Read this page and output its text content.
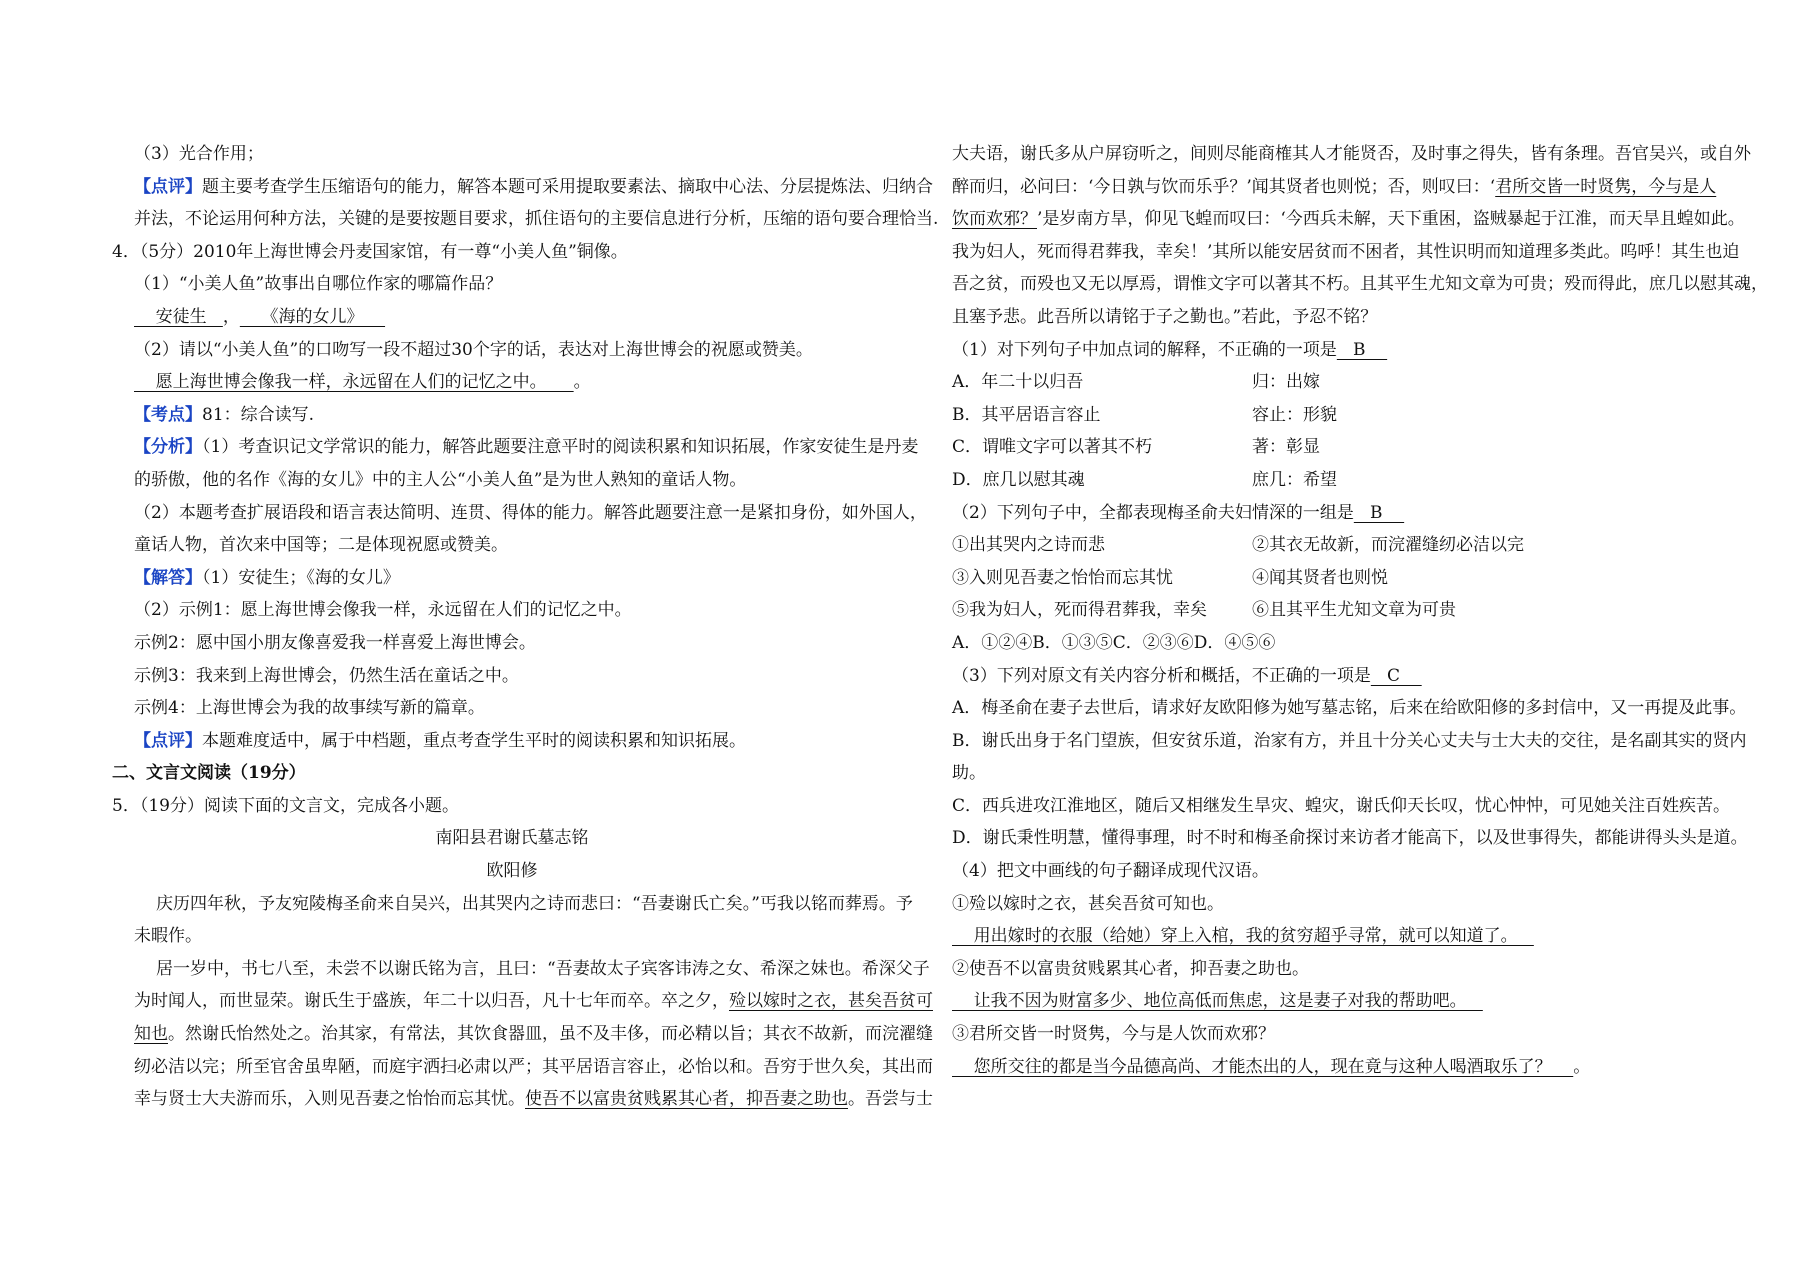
（3）光合作用；
【点评】题主要考查学生压缩语句的能力，解答本题可采用提取要素法、摘取中心法、分层提炼法、归纳合
并法，不论运用何种方法，关键的是要按题目要求，抓住语句的主要信息进行分析，压缩的语句要合理恰当.
4．（5分）2010年上海世博会丹麦国家馆，有一尊“小美人鱼”铜像。
（1）“小美人鱼”故事出自哪位作家的哪篇作品？
安徒生   ，    《海的女儿》
（2）请以“小美人鱼”的口吻写一段不超过30个字的话，表达对上海世博会的祝愿或赞美。
愿上海世博会像我一样，永远留在人们的记忆之中。     。
【考点】81：综合读写.
【分析】（1）考查识记文学常识的能力，解答此题要注意平时的阅读积累和知识拓展，作家安徒生是丹麦
的骄傲，他的名作《海的女儿》中的主人公“小美人鱼”是为世人熟知的童话人物。
（2）本题考查扩展语段和语言表达简明、连贯、得体的能力。解答此题要注意一是紧扣身份，如外国人，
童话人物，首次来中国等；二是体现祝愿或赞美。
【解答】（1）安徒生；《海的女儿》
（2）示例1：愿上海世博会像我一样，永远留在人们的记忆之中。
示例2：愿中国小朋友像喜爱我一样喜爱上海世博会。
示例3：我来到上海世博会，仍然生活在童话之中。
示例4：上海世博会为我的故事续写新的篇章。
【点评】本题难度适中，属于中档题，重点考查学生平时的阅读积累和知识拓展。
二、文言文阅读（19分）
5．（19分）阅读下面的文言文，完成各小题。
南阳县君谢氏墓志铭
欧阳修
庆历四年秋，予友宛陵梅圣俞来自吴兴，出其哭内之诗而悲曰：“吾妻谢氏亡矣。”丐我以铭而葬焉。予
未暇作。
居一岁中，书七八至，未尝不以谢氏铭为言，且曰：“吾妻故太子宾客讳涛之女、希深之妹也。希深父子
为时闻人，而世显荣。谢氏生于盛族，年二十以归吾，凡十七年而卒。卒之夕，殓以嫁时之衣，甚矣吾贫可
知也。然谢氏怡然处之。治其家，有常法，其饮食器皿，虽不及丰侈，而必精以旨；其衣不故新，而浣濯缝
纫必洁以完；所至官舍虽卑陋，而庭宇洒扫必肃以严；其平居语言容止，必怡以和。吾穷于世久矣，其出而
幸与贤士大夫游而乐，入则见吾妻之怡怡而忘其忧。使吾不以富贵贫贱累其心者，抑吾妻之助也。吾尝与士
大夫语，谢氏多从户屏窃听之，间则尽能商榷其人才能贤否，及时事之得失，皆有条理。吾官吴兴，或自外
醉而归，必问曰：‘今日孰与饮而乐乎？’闻其贤者也则悦；否，则叹曰：‘君所交皆一时贤隽，今与是人
饮而欢邪？’是岁南方旱，仰见飞蝗而叹曰：‘今西兵未解，天下重困，盗贼暴起于江淮，而天旱且蝗如此。
我为妇人，死而得君葬我，幸矣！’其所以能安居贫而不困者，其性识明而知道理多类此。呜呼！其生也迫
吾之贫，而殁也又无以厚焉，谓惟文字可以著其不朽。且其平生尤知文章为可贵；殁而得此，庶几以慰其魂，
且塞予悲。此吾所以请铭于子之勤也。”若此，予忍不铭？
（1）对下列句子中加点词的解释，不正确的一项是   B
A．年二十以归吾	归：出嫁
B．其平居语言容止	容止：形貌
C．谓唯文字可以著其不朽	著：彰显
D．庶几以慰其魂	庶几：希望
（2）下列句子中，全都表现梅圣俞夫妇情深的一组是   B
①出其哭内之诗而悲	②其衣无故新，而浣濯缝纫必洁以完
③入则见吾妻之怡怡而忘其忧	④闻其贤者也则悦
⑤我为妇人，死而得君葬我，幸矣	⑥且其平生尤知文章为可贵
A．①②④B．①③⑤C．②③⑥D．④⑤⑥
（3）下列对原文有关内容分析和概括，不正确的一项是   C
A．梅圣俞在妻子去世后，请求好友欧阳修为她写墓志铭，后来在给欧阳修的多封信中，又一再提及此事。
B．谢氏出身于名门望族，但安贫乐道，治家有方，并且十分关心丈夫与士大夫的交往，是名副其实的贤内
助。
C．西兵进攻江淮地区，随后又相继发生旱灾、蝗灾，谢氏仰天长叹，忧心忡忡，可见她关注百姓疾苦。
D．谢氏秉性明慧，懂得事理，时不时和梅圣俞探讨来访者才能高下，以及世事得失，都能讲得头头是道。
（4）把文中画线的句子翻译成现代汉语。
①殓以嫁时之衣，甚矣吾贫可知也。
用出嫁时的衣服（给她）穿上入棺，我的贫穷超乎寻常，就可以知道了。
②使吾不以富贵贫贱累其心者，抑吾妻之助也。
让我不因为财富多少、地位高低而焦虑，这是妻子对我的帮助吧。
③君所交皆一时贤隽，今与是人饮而欢邪？
您所交往的都是当今品德高尚、才能杰出的人，现在竟与这种人喝酒取乐了？    。
